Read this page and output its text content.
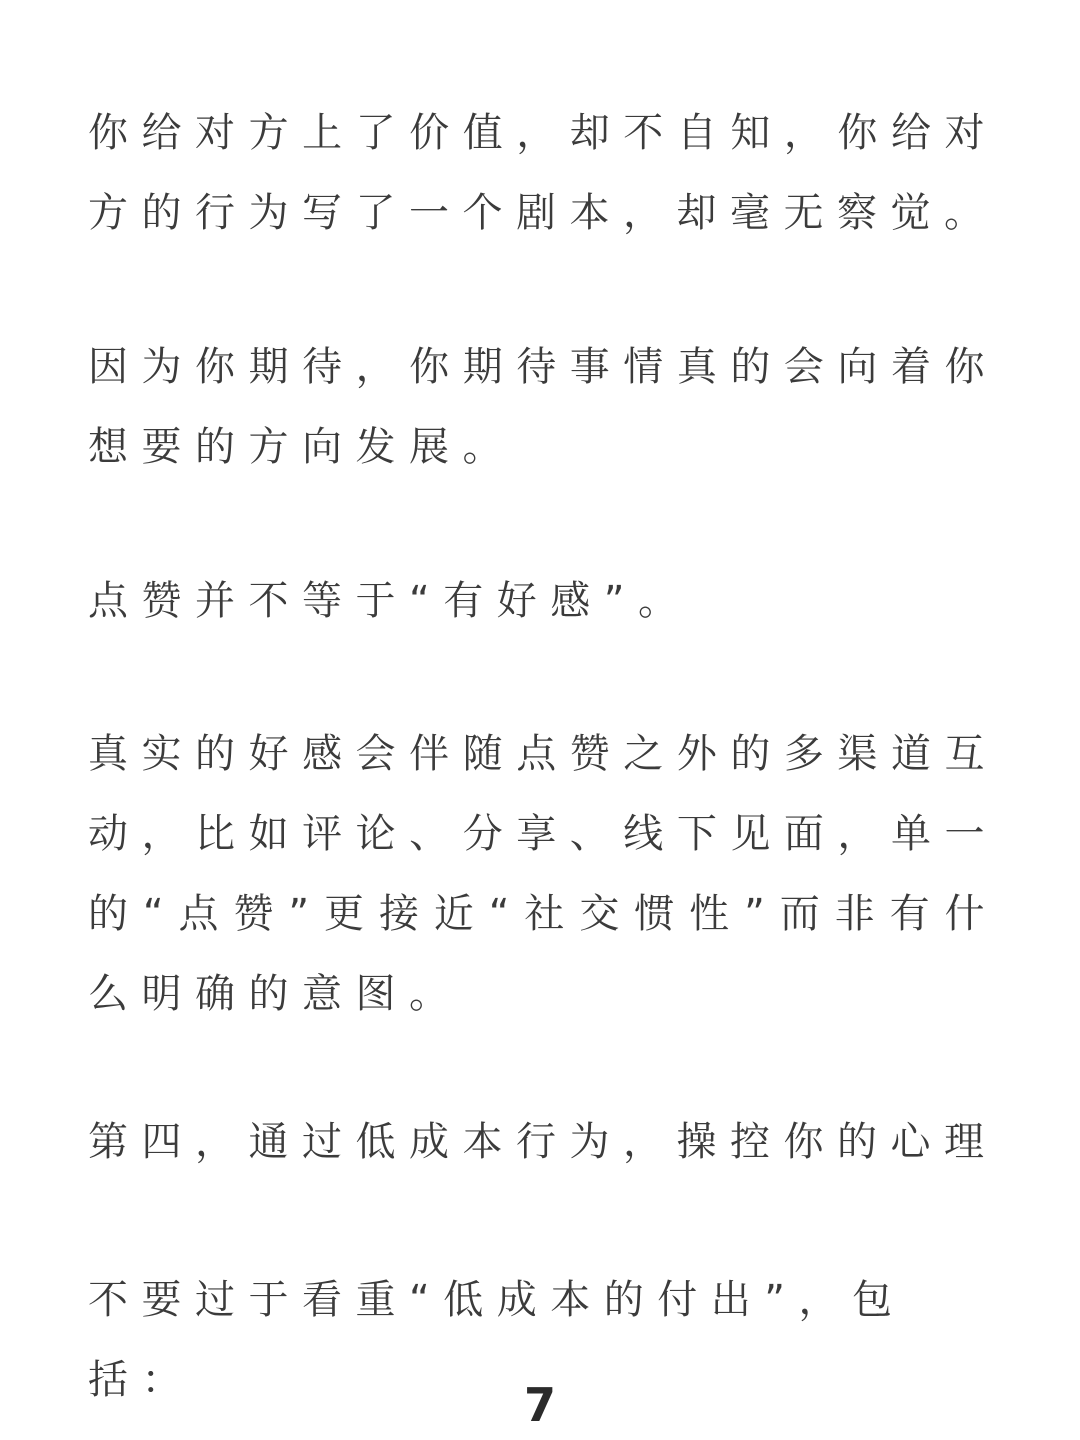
你给对方上了价值，却不自知，你给对方的行为写了一个剧本，却毫无察觉。

因为你期待，你期待事情真的会向着你想要的方向发展。

点赞并不等于“有好感”。

真实的好感会伴随点赞之外的多渠道互动，比如评论、分享、线下见面，单一的“点赞”更接近“社交惯性”而非有什么明确的意图。

第四，通过低成本行为，操控你的心理

不要过于看重“低成本的付出”，包括：	7
